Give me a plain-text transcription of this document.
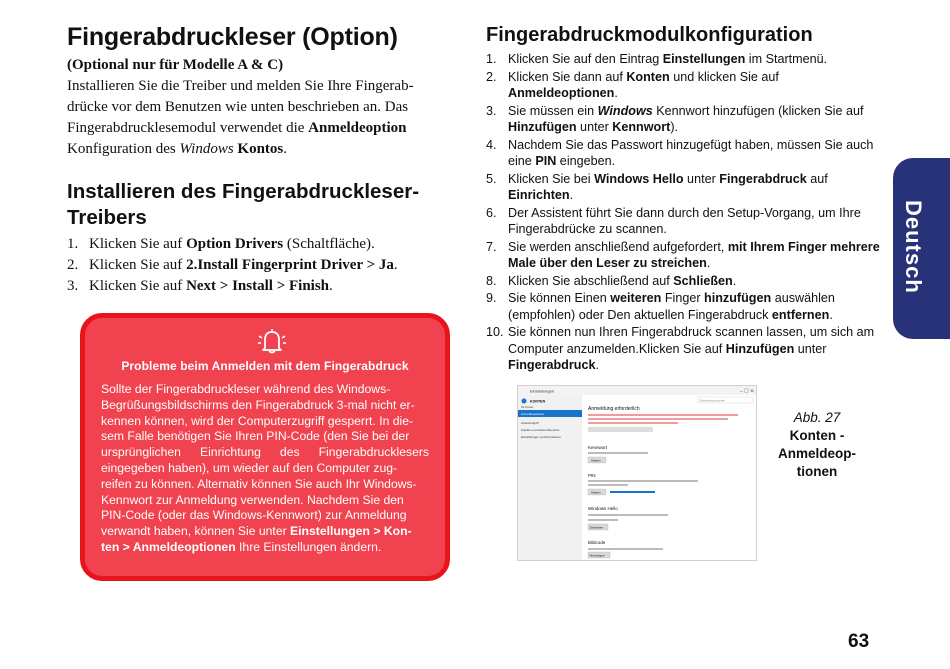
Fingerabdruckleser (Option)
(Optional nur für Modelle A & C)

Installieren Sie die Treiber und melden Sie Ihre Fingerab-

drücke vor dem Benutzen wie unten beschrieben an. Das

Fingerabdrucklesemodul verwendet die Anmeldeoption

Konfiguration des Windows Kontos.

Installieren des Fingerabdruckleser-Treibers
1. Klicken Sie auf Option Drivers (Schaltfläche).
2. Klicken Sie auf 2.Install Fingerprint Driver > Ja.
3. Klicken Sie auf Next > Install > Finish.
Probleme beim Anmelden mit dem Fingerabdruck
Sollte der Fingerabdruckleser während des Windows-
Begrüßungsbildschirms den Fingerabdruck 3-mal nicht er-
kennen können, wird der Computerzugriff gesperrt. In die-
sem Falle benötigen Sie Ihren PIN-Code (den Sie bei der
ursprünglichen Einrichtung des Fingerabdrucklesers
eingegeben haben), um wieder auf den Computer zug-
reifen zu können. Alternativ können Sie auch Ihr Windows-
Kennwort zur Anmeldung verwenden. Nachdem Sie den
PIN-Code (oder das Windows-Kennwort) zur Anmeldung
verwandt haben, können Sie unter Einstellungen > Kon-
ten > Anmeldeoptionen Ihre Einstellungen ändern.
Fingerabdruckmodulkonfiguration
1. Klicken Sie auf den Eintrag Einstellungen im Startmenü.
2. Klicken Sie dann auf Konten und klicken Sie auf Anmeldeoptionen.
3. Sie müssen ein Windows Kennwort hinzufügen (klicken Sie auf Hinzufügen unter Kennwort).
4. Nachdem Sie das Passwort hinzugefügt haben, müssen Sie auch eine PIN eingeben.
5. Klicken Sie bei Windows Hello unter Fingerabdruck auf Einrichten.
6. Der Assistent führt Sie dann durch den Setup-Vorgang, um Ihre Fingerabdrücke zu scannen.
7. Sie werden anschließend aufgefordert, mit Ihrem Finger mehrere Male über den Leser zu streichen.
8. Klicken Sie abschließend auf Schließen.
9. Sie können Einen weiteren Finger hinzufügen auswählen (empfohlen) oder Den aktuellen Fingerabdruck entfernen.
10. Sie können nun Ihren Fingerabdruck scannen lassen, um sich am Computer anzumelden.Klicken Sie auf Hinzufügen unter Fingerabdruck.
Einstellungen	– ☐ ✕
KONTEN
Ihr Konto
Anmeldeoptionen
Arbeitszugriff
Familie und andere Benutzer
Einstellungen synchronisieren
Einstellung suchen
Anmeldung erforderlich
Kennwort
Ändern
PIN
Ändern
Windows Hello
Einrichten
Bildcode
Hinzufügen
Abb. 27
Konten -
Anmeldeop-
tionen
Deutsch
63
